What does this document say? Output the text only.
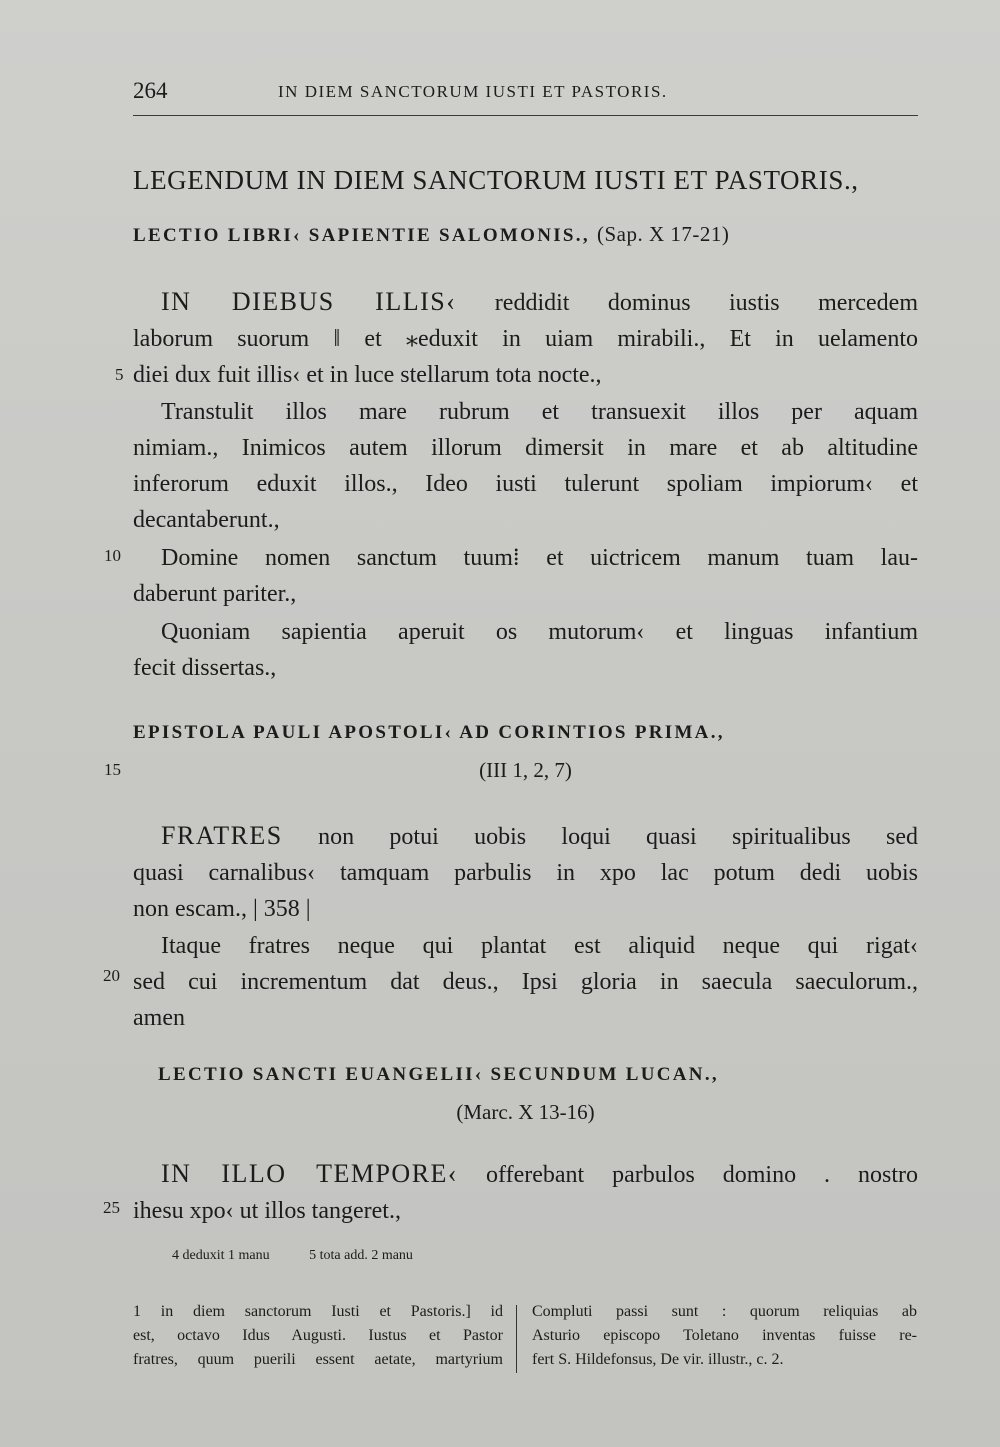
264	IN DIEM SANCTORUM IUSTI ET PASTORIS.
LEGENDUM IN DIEM SANCTORUM IUSTI ET PASTORIS.,
LECTIO LIBRI‹ SAPIENTIE SALOMONIS., (Sap. X 17-21)
IN DIEBUS ILLIS‹ reddidit dominus iustis mercedem
laborum suorum ‖ et ⁎eduxit in uiam mirabili., Et in uelamento
diei dux fuit illis‹ et in luce stellarum tota nocte.,
Transtulit illos mare rubrum et transuexit illos per aquam
nimiam., Inimicos autem illorum dimersit in mare et ab altitudine
inferorum eduxit illos., Ideo iusti tulerunt spoliam impiorum‹ et
decantaberunt.,
Domine nomen sanctum tuum⁞ et uictricem manum tuam lau-
daberunt pariter.,
Quoniam sapientia aperuit os mutorum‹ et linguas infantium
fecit dissertas.,
EPISTOLA PAULI APOSTOLI‹ AD CORINTIOS PRIMA.,
(III 1, 2, 7)
FRATRES non potui uobis loqui quasi spiritualibus sed
quasi carnalibus‹ tamquam parbulis in xpo lac potum dedi uobis
non escam., | 358 |
Itaque fratres neque qui plantat est aliquid neque qui rigat‹
sed cui incrementum dat deus., Ipsi gloria in saecula saeculorum.,
amen
LECTIO SANCTI EUANGELII‹ SECUNDUM LUCAN.,
(Marc. X 13-16)
IN ILLO TEMPORE‹ offerebant parbulos domino . nostro
ihesu xpo‹ ut illos tangeret.,
5
10
15
20
25
4 deduxit 1 manu	5 tota add. 2 manu
1 in diem sanctorum Iusti et Pastoris.] id
est, octavo Idus Augusti. Iustus et Pastor
fratres, quum puerili essent aetate, martyrium
Compluti passi sunt : quorum reliquias ab
Asturio episcopo Toletano inventas fuisse re-
fert S. Hildefonsus, De vir. illustr., c. 2.
